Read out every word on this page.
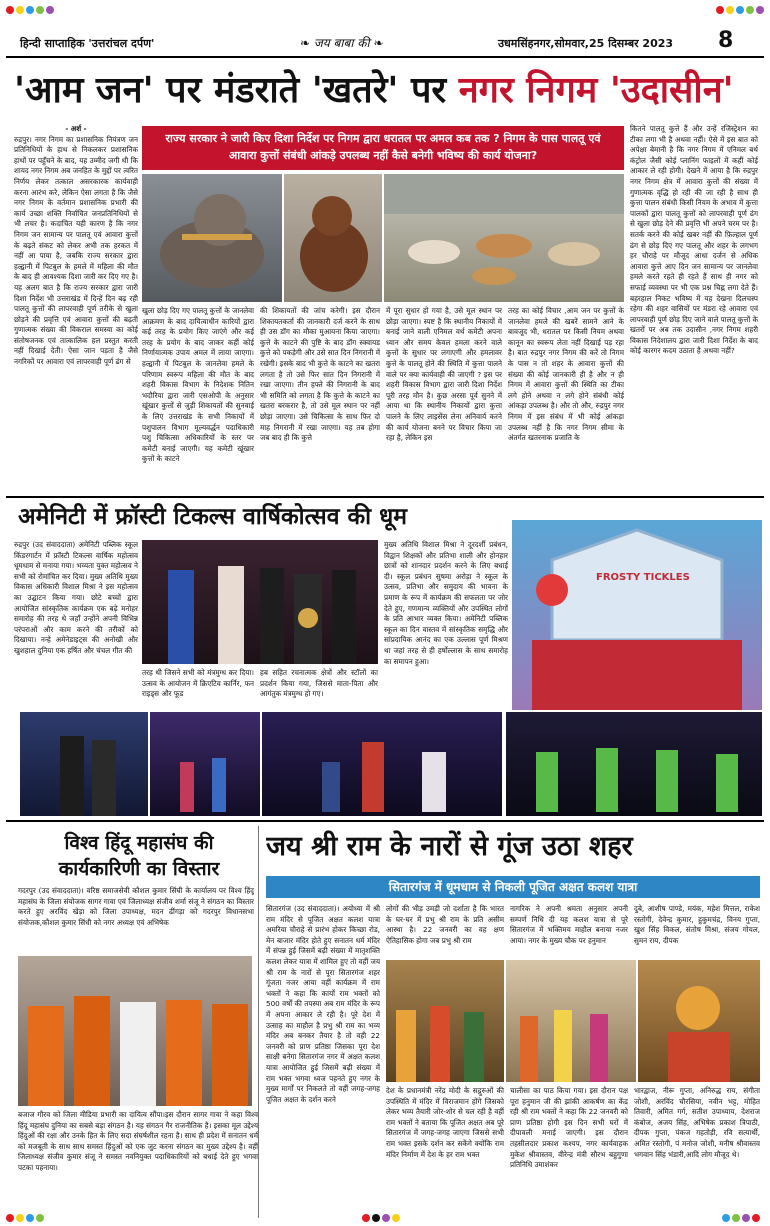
हिन्दी साप्ताहिक 'उत्तरांचल दर्पण'	❧ जय बाबा की ❧	उधमसिंहनगर,सोमवार,25 दिसम्बर 2023 8
'आम जन' पर मंडराते 'खतरे' पर नगर निगम 'उदासीन'
- अर्श -

रुद्रपुर। नगर निगम का प्रशासनिक नियंत्रण जन प्रतिनिधियों के हाथ से निकलकर प्रशासनिक हाथों पर पहुँचने के बाद, यह उम्मीद जगी थी कि शायद नगर निगम अब जनहित के मुद्दों पर त्वरित निर्णय लेकर तत्काल असरकारक कार्यवाही करना आरंभ करे, लेकिन ऐसा लगता है कि जैसे नगर निगम के वर्तमान प्रशासनिक प्रभारी की कार्य उच्छा शक्ति निर्वाचित जनप्रतिनिधियों से भी लचर है। कदाचित यही कारण है कि नगर निगम जन सामान्य पर पालतू एवं आवारा कुत्तों के बढ़ते संकट को लेकर अभी तक हरकत में नहीं आ पाया है, जबकि राज्य सरकार द्वारा हल्द्वानी में पिटबुल के हमले में महिला की मौत के बाद ही आवश्यक दिशा जारी कर दिए गए है। यह अलग बात है कि राज्य सरकार द्वारा जारी दिशा निर्देश भी उत्तराखंड में दिन्हें दिन बढ़ रही पालतू कुत्तों की लापरवाही पूर्ण तरीके से खुला छोड़ने की प्रवृत्ति एवं आवारा कुत्तों की बढ़ती गुणात्मक संख्या की विकराल समस्या का कोई संतोषजनक एवं तात्कालिक हल प्रस्तुत करती नहीं दिखाई देती। ऐसा जान पड़ता है जैसे नगरिकों पर आवारा एवं लापरवाही पूर्ण ढंग से

राज्य सरकार ने जारी किए दिशा निर्देश पर निगम द्वारा धरातल पर अमल कब तक ? निगम के पास पालतू एवं आवारा कुत्तों संबंधी आंकड़े उपलब्ध नहीं कैसे बनेगी भविष्य की कार्य योजना?
खुला छोड़ दिए गए पालतू कुत्तों के जानलेवा आक्रमण के बाद दायित्वाधीन कारियों द्वारा कई तरह के प्रयोग किए जाएंगे और कई तरह के प्रयोग के बाद जाकर कहीं कोई निर्णायात्मक उपाय अमल में लाया जाएगा। हल्द्वानी में पिटबुल के जानलेवा हमले के परिणाम स्वरूप महिला की मौत के बाद शहरी विकास विभाग के निदेशक नितिन भदौरिया द्वारा जारी एसओपी के अनुसार खूंखार कुत्तों से जुड़ी शिकायतों की सुनवाई के लिए उत्तराखंड के सभी निकायों में पशुपालन विभाग मूल्यवर्द्धन पदाधिकारी पशु चिकित्सा अधिकारियों के स्तर पर कमेटी बनाई जाएगी। यह कमेटी खूंखार कुत्तों के काटने
की शिकायतों की जांच करेगी। इस दौरान शिकायतकर्ता की जानकारी दर्ज करने के साथ ही उस डॉग का मौका मुआयना किया जाएगा। कुत्ते के काटने की पुष्टि के बाद डॉग स्क्वायड कुत्ते को पकड़ेगी और उसे सात दिन निगरानी में रखेगी। इसके बाद भी कुत्ते के काटने का खतरा लगता है तो उसे फिर सात दिन निगरानी में रखा जाएगा। तीन हफ्ते की निगरानी के बाद भी समिति को लगता है कि कुत्ते के काटने का खतरा बरकरार है, तो उसे मूल स्थान पर नहीं छोड़ा जाएगा। उसे चिकित्सा के साथ फिर दो माह निगरानी में रखा जाएगा। यह तब होगा जब बाद ही कि कुत्ते
में पूरा सुधार हो गया है, उसे मूल स्थान पर छोड़ा जाएगा। स्पष्ट है कि स्थानीय निकायों में बनाई जाने वाली एनिमल वर्थ कमेटी अपना ध्यान और समय केवल हमला करने वाले कुत्तों के सुधार पर लगाएगी और हमलावर कुत्ते के पालतू होने की स्थिति में कुत्ता पालने वाले पर क्या कार्यवाही की जाएगी ? इस पर शहरी विकास विभाग द्वारा जारी दिशा निर्देश पूरी तरह मौन है। कुछ अरसा पूर्व सुनने में आया था कि स्थानीय निकायों द्वारा कुत्ता पालने के लिए लाइसेंस लेना अनिवार्य करने की कार्य योजना बनने पर विचार किया जा रहा है, लेकिन इस
तरह का कोई विचार ,आम जन पर कुत्तों के जानलेवा हमले की खबरें सामने आने के बावजूद भी, धरातल पर किसी नियम अथवा कानून का स्वरूप लेता नहीं दिखाई पड़ रहा है। बात रुद्रपुर नगर निगम की करें तो निगम के पास न तो शहर के आवारा कुत्तों की संख्या की कोई जानकारी ही है और न ही निगम में आवारा कुत्तों की स्थिति का टीका लगे होने अथवा न लगे होने संबंधी कोई आंकड़ा उपलब्ध है। और तो और, रुद्रपुर नगर निगम में इस संबंध में भी कोई आंकड़ा उपलब्ध नहीं है कि नगर निगम सीमा के अंतर्गत खतरनाक प्रजाति के
कितने पालतू कुत्ते हैं और उन्हें रजिस्ट्रेशन का टीका लगा भी है अथवा नहीं। ऐसे में इस बात को अपेक्षा बेमानी है कि नगर निगम में एनिमल बर्थ कंट्रोल जैसी कोई प्लानिंग फाइलों में कहीं कोई आकार ले रही होगी। देखने में आया है कि रुद्रपुर नगर निगम क्षेत्र में आवारा कुत्तों की संख्या में गुणात्मक वृद्धि हो रही की जा रही है साथ ही कुत्ता पालन संबंधी किसी नियम के अभाव में कुत्ता पालकों द्वारा पालतू कुत्तों को लापरवाही पूर्ण ढंग से खुला छोड़ देने की प्रवृत्ति भी अपने चरम पर है। सतर्क करने की कोई खबर नहीं की फ़िल्हाल पूर्ण ढंग से छोड़ दिए गए पालतू और शहर के लगभग हर चौराहे पर मौजूद आधा दर्जन से अधिक आवारा कुत्ते आए दिन जन सामान्य पर जानलेवा हमले करते रहते ही रहते हैं साथ ही नगर को सफाई व्यवस्था पर भी एक प्रश्न चिह्न लगा देते हैं। बहरहाल निकट भविष्य में यह देखना दिलचस्प रहेगा की शहर वासियों पर मंडरा रहे आवारा एवं लापरवाही पूर्ण छोड़ दिए जाने वाले पालतू कुत्तों के खतरों पर अब तक उदासीन ,नगर निगम शहरी विकास निदेशालय द्वारा जारी दिशा निर्देश के बाद कोई कारगर कदम उठाता है अथवा नहीं?
अमेनिटी में फ्रॉस्टी टिकल्स वार्षिकोत्सव की धूम
रुद्रपुर (उद संवाददाता) अमेनिटी पब्लिक स्कूल किंडरगार्टन में फ्रॉस्टी टिकल्स वार्षिक महोत्सव धूमधाम से मनाया गया। भव्यता युक्त महोत्सव ने सभी को रोमांचित कर दिया। मुख्य अतिथि मुख्य विकास अधिकारी विशाल मिश्रा ने इस महोत्सव का उद्घाटन किया गया। छोटे बच्चों द्वारा आयोजित सांस्कृतिक कार्यक्रम एक बढ़े मनोहर समारोह की तरह थे जहाँ उन्होंने अपनी विभिन्न परंपराओं और काम करने की तरीकों को दिखाया। नन्हे अमेनेडाइट्स की अनोखी और खुशहाल दुनिया एक हर्षित और चंचल गीत की
तरह थी जिसने सभी को मंत्रमुग्ध कर दिया। उत्सव के आयोजन में क्रिएटिव कार्निर, फन राइड्स और फूड
हब सहित रचनात्मक क्षेत्रों और स्टॉलों का प्रदर्शन किया गया, जिससे माता-पिता और आगंतुक मंत्रमुग्ध हो गए।
मुख्य अतिथि विशाल मिश्रा ने दूरदर्शी प्रबंधन, विद्वान शिक्षकों और प्रतिभा शाली और होनहार छात्रों को शानदार प्रदर्शन करने के लिए बधाई दी। स्कूल प्रबंधन सुषमा अरोड़ा ने स्कूल के उत्सव, प्रतिभा और समुदाय की भावना के प्रमाण के रूप में कार्यक्रम की सफलता पर जोर देते हुए, गणमान्य व्यक्तियों और उपस्थित लोगों के प्रति आभार व्यक्त किया। अमेनिटी पब्लिक स्कूल का दिन वास्तव में सांस्कृतिक समृद्धि और सांप्रदायिक आनंद का एक उल्लास पूर्ण मिश्रण था जहां तरह से ही हर्षोल्लास के साथ समारोह का समापन हुआ।
FROSTY TICKLES
विश्व हिंदू महासंघ की कार्यकारिणी का विस्तार
गदरपुर (उद संवाददाता)। वरिष्ठ समाजसेवी कौशल कुमार सिंघी के कार्यालय पर विश्व हिंदू महासंघ के जिला संयोजक सागर गावा एवं जिलाध्यक्ष संजीव शर्मा संजू ने संगठन का विस्तार करते हुए अरविंद खेड़ा को जिला उपाध्यक्ष, मदन ढींगड़ा को गदरपुर विधानसभा संयोजक,कौशल कुमार सिंधी को नगर अध्यक्ष एवं अभिषेक
बजाज गौरव को जिला मीडिया प्रभारी का दायित्व सौंपा।इस दौरान सागर गावा ने कहा विश्व हिंदू महासंघ दुनिया का सबसे बड़ा संगठन है। यह संगठन गैर राजनीतिक है। इसका मूल उद्देश्य हिंदुओं की रक्षा और उनके हित के लिए सदा संघर्षशील रहना है। साथ ही प्रदेश में सनातन धर्म को मजबूती के साथ साथ समस्त हिंदुओं को एक जुट करना संगठन का मुख्य उद्देश्य है। वहीं जिलाध्यक्ष संजीव कुमार संजू ने समस्त नवनियुक्त पदाधिकारियों को बधाई देते हुए भगवा पटका पहनाया।
जय श्री राम के नारों से गूंज उठा शहर
सितारगंज में धूमधाम से निकली पूजित अक्षत कलश यात्रा
सितारगंज (उद संवाददाता)। अयोध्या में श्री राम मंदिर से पूजित अक्षत कलश यात्रा अमरिया चौराहे से प्रारंभ होकर किच्छा रोड, मेन बाजार मंदिर होते हुए सनातन धर्म मंदिर में संपन्न हुई जिसमें बढ़ी संख्या में मातृशक्ति कलश लेकर यात्रा में शामिल हुए तो वहीं जय श्री राम के नारों से पूरा सितारगंज शहर गूंजता नजर आया वहीं कार्यक्रम में राम भक्तों ने कहा कि कार्यो राम भक्तों को 500 वर्षों की तपस्या अब राम मंदिर के रूप में अपना आकार ले रही है। पूरे देश में उत्साह का माहौल है प्रभु श्री राम का भव्य मंदिर अब बनकर तैयार है तो वही 22 जनवरी को प्राण प्रतिष्ठा जिसका पूरा देश साक्षी बनेगा सितारगंज नगर में अक्षत कलश यात्रा आयोजित हुई जिसमें बढ़ी संख्या में राम भक्त भगवा ध्वज पहनते हुए नगर के मुख्य मार्गों पर निकलते तो वहीं जगह-जगह पूजित अक्षत के दर्शन करने
लोगों की भीड़ उमड़ी जो दर्शाता है कि भारत के घर-घर में प्रभु श्री राम के प्रति असीम आस्था है। 22 जनवरी का वह क्षण ऐतिहासिक होगा जब प्रभु श्री राम
नागरिक ने अपनी श्रमता अनुसार अपनी सम्पर्ण निधि दी यह कलश यात्रा से पूरे सितारगंज में भक्तिमय माहौल बनाया नजर आया। नगर के मुख्य चौक पर हनुमान
दुबे, आशीष पाण्डे, मयंक, महेश मित्तल, राकेश रस्तोगी, देवेन्द्र कुमार, हुकुमचंद्र, विनय गुप्ता, खुश सिंह विकल, संतोष मिश्रा, संजय गोयल, सुमन राय, दीपक
देश के प्रधानमंत्री नरेंद्र मोदी के सद्गुरुओं की उपस्थिति में मंदिर में विराजमान होंगे जिसको लेकर भव्य तैयारी जोर-शोर से चल रही है वहीं राम भक्तों ने बताया कि पूजित अक्षत अब पूरे सितारगंज में जगह-जगह जाएगा जिससे सभी राम भक्त इसके दर्शन कर सकेंगे क्योंकि राम मंदिर निर्माण में देश के हर राम भक्त
चालीसा का पाठ किया गया। इस दौरान पक्ष पूरा हनुमान जी की झांकी आकर्षण का केंद्र रही श्री राम भक्तों ने कहा कि 22 जनवरी को प्राण प्रतिष्ठा होगी इस दिन सभी घरों में दीपावली मनाई जाएगी। इस दौरान तहसीलदार प्रकाश कश्यप, नगर कार्यवाहक मुकेश श्रीवास्तव, वीरेन्द्र मंत्री सौरभ बहुगुणा प्रतिनिधि उमाशंकर
भारद्वाज, नीरू गुप्ता, अनिरुद्ध राय, संगीता जोशी, अरविंद चौरसिया, नवीन भट्ट, मोहित तिवारी, अमित गर्ग, सतीश उपाध्याय, देशराज कंबोज, अजय सिंह, अभिषेक प्रकाश त्रिपाठी, दीपक गुप्ता, पंकज गहतोड़ी, रवि सत्यार्थी, अमित रस्तोगी, पं मनोज जोशी, मनीष श्रीवास्तव भगवान सिंह भंडारी,आदि लोग मौजूद थे।
